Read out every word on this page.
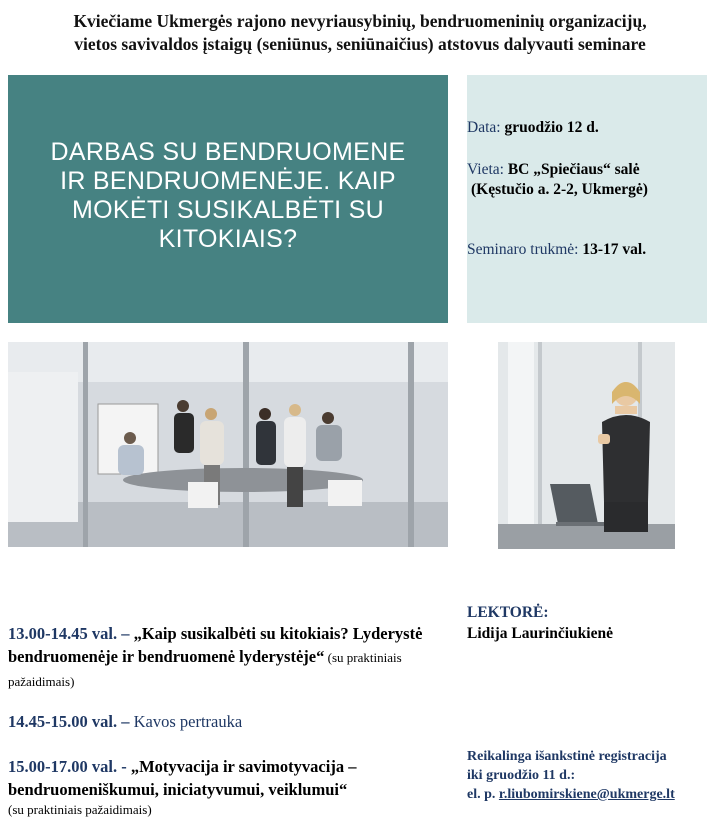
Kviečiame Ukmergės rajono nevyriausybinių, bendruomeninių organizacijų,
vietos savivaldos įstaigų (seniūnus, seniūnaičius) atstovus dalyvauti seminare
DARBAS SU BENDRUOMENE IR BENDRUOMENĖJE. KAIP MOKĖTI SUSIKALBĖTI SU KITOKIAIS?
Data: gruodžio 12 d.
Vieta: BC „Spiečiaus“ salė
(Kęstučio a. 2-2, Ukmergė)
Seminaro trukmė: 13-17 val.
13.00-14.45 val. – „Kaip susikalbėti su kitokiais? Lyderystė bendruomenėje ir bendruomenė lyderystėje“ (su praktiniais pažaidimais)
14.45-15.00 val. – Kavos pertrauka
15.00-17.00 val. - „Motyvacija ir savimotyvacija – bendruomeniškumui, iniciatyvumui, veiklumui“
(su praktiniais pažaidimais)
LEKTORĖ:
Lidija Laurinčiukienė
Reikalinga išankstinė registracija
iki gruodžio 11 d.:
el. p. r.liubomirskiene@ukmerge.lt
